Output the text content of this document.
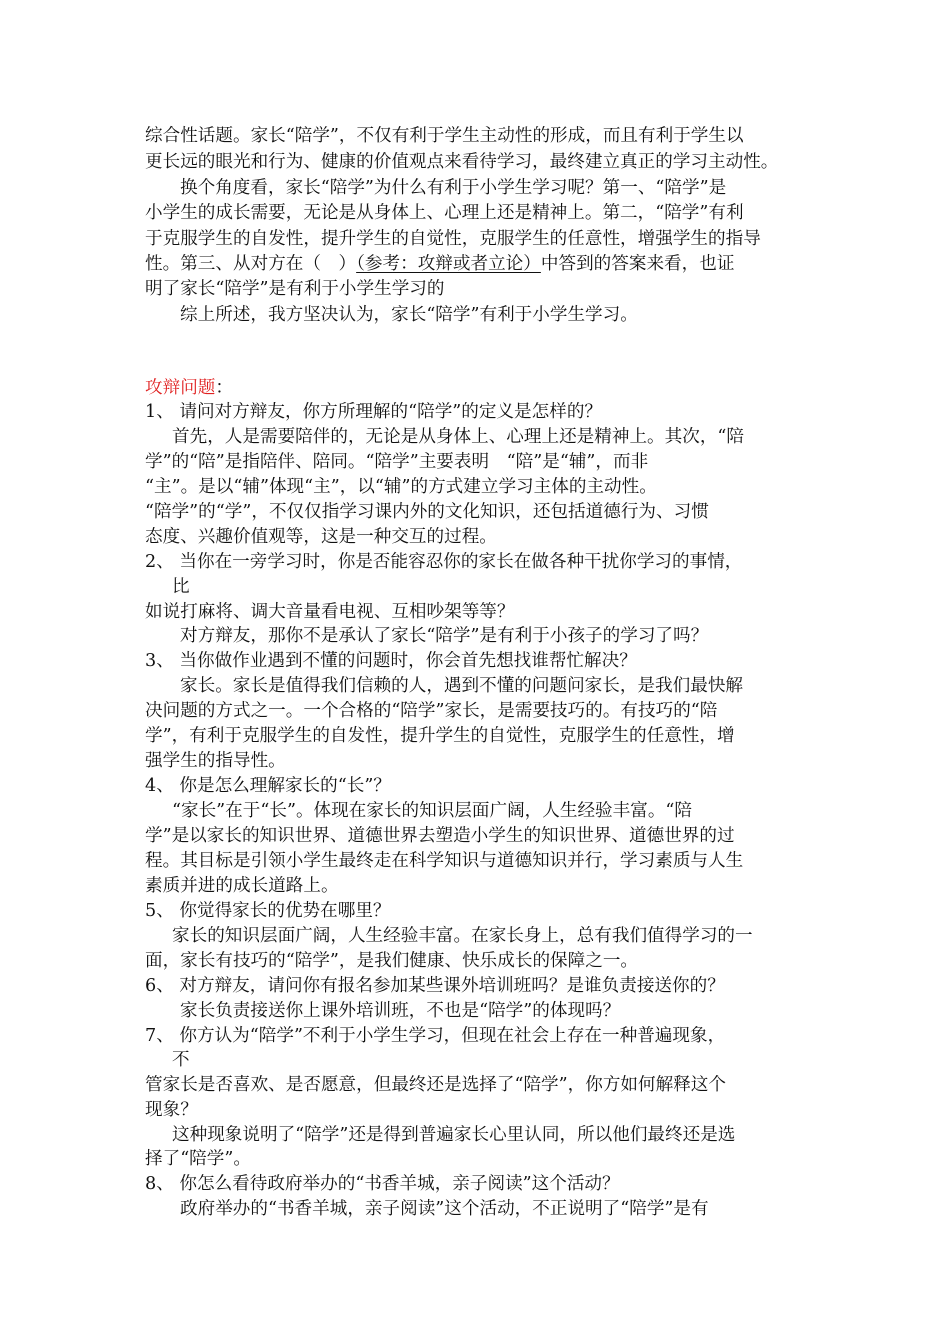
综合性话题。家长“陪学”，不仅有利于学生主动性的形成，而且有利于学生以

更长远的眼光和行为、健康的价值观点来看待学习，最终建立真正的学习主动性。

换个角度看，家长“陪学”为什么有利于小学生学习呢？第一、“陪学”是

小学生的成长需要，无论是从身体上、心理上还是精神上。第二，“陪学”有利

于克服学生的自发性，提升学生的自觉性，克服学生的任意性，增强学生的指导

性。第三、从对方在（　）（参考：攻辩或者立论）中答到的答案来看，也证

明了家长“陪学”是有利于小学生学习的

综上所述，我方坚决认为，家长“陪学”有利于小学生学习。

攻辩问题：

1、 请问对方辩友，你方所理解的“陪学”的定义是怎样的？

首先，人是需要陪伴的，无论是从身体上、心理上还是精神上。其次，“陪

学”的“陪”是指陪伴、陪同。“陪学”主要表明　“陪”是“辅”，而非

“主”。是以“辅”体现“主”，以“辅”的方式建立学习主体的主动性。

“陪学”的“学”，不仅仅指学习课内外的文化知识，还包括道德行为、习惯

态度、兴趣价值观等，这是一种交互的过程。

2、 当你在一旁学习时，你是否能容忍你的家长在做各种干扰你学习的事情，

比

如说打麻将、调大音量看电视、互相吵架等等？

对方辩友，那你不是承认了家长“陪学”是有利于小孩子的学习了吗？

3、 当你做作业遇到不懂的问题时，你会首先想找谁帮忙解决？

家长。家长是值得我们信赖的人，遇到不懂的问题问家长，是我们最快解

决问题的方式之一。一个合格的“陪学”家长，是需要技巧的。有技巧的“陪

学”，有利于克服学生的自发性，提升学生的自觉性，克服学生的任意性，增

强学生的指导性。

4、 你是怎么理解家长的“长”？

“家长”在于“长”。体现在家长的知识层面广阔，人生经验丰富。“陪

学”是以家长的知识世界、道德世界去塑造小学生的知识世界、道德世界的过

程。其目标是引领小学生最终走在科学知识与道德知识并行，学习素质与人生

素质并进的成长道路上。

5、 你觉得家长的优势在哪里？

家长的知识层面广阔，人生经验丰富。在家长身上，总有我们值得学习的一

面，家长有技巧的“陪学”，是我们健康、快乐成长的保障之一。

6、 对方辩友，请问你有报名参加某些课外培训班吗？是谁负责接送你的？

家长负责接送你上课外培训班，不也是“陪学”的体现吗？

7、 你方认为“陪学”不利于小学生学习，但现在社会上存在一种普遍现象，

不

管家长是否喜欢、是否愿意，但最终还是选择了“陪学”，你方如何解释这个

现象？

这种现象说明了“陪学”还是得到普遍家长心里认同，所以他们最终还是选

择了“陪学”。

8、 你怎么看待政府举办的“书香羊城，亲子阅读”这个活动？

政府举办的“书香羊城，亲子阅读”这个活动，不正说明了“陪学”是有
